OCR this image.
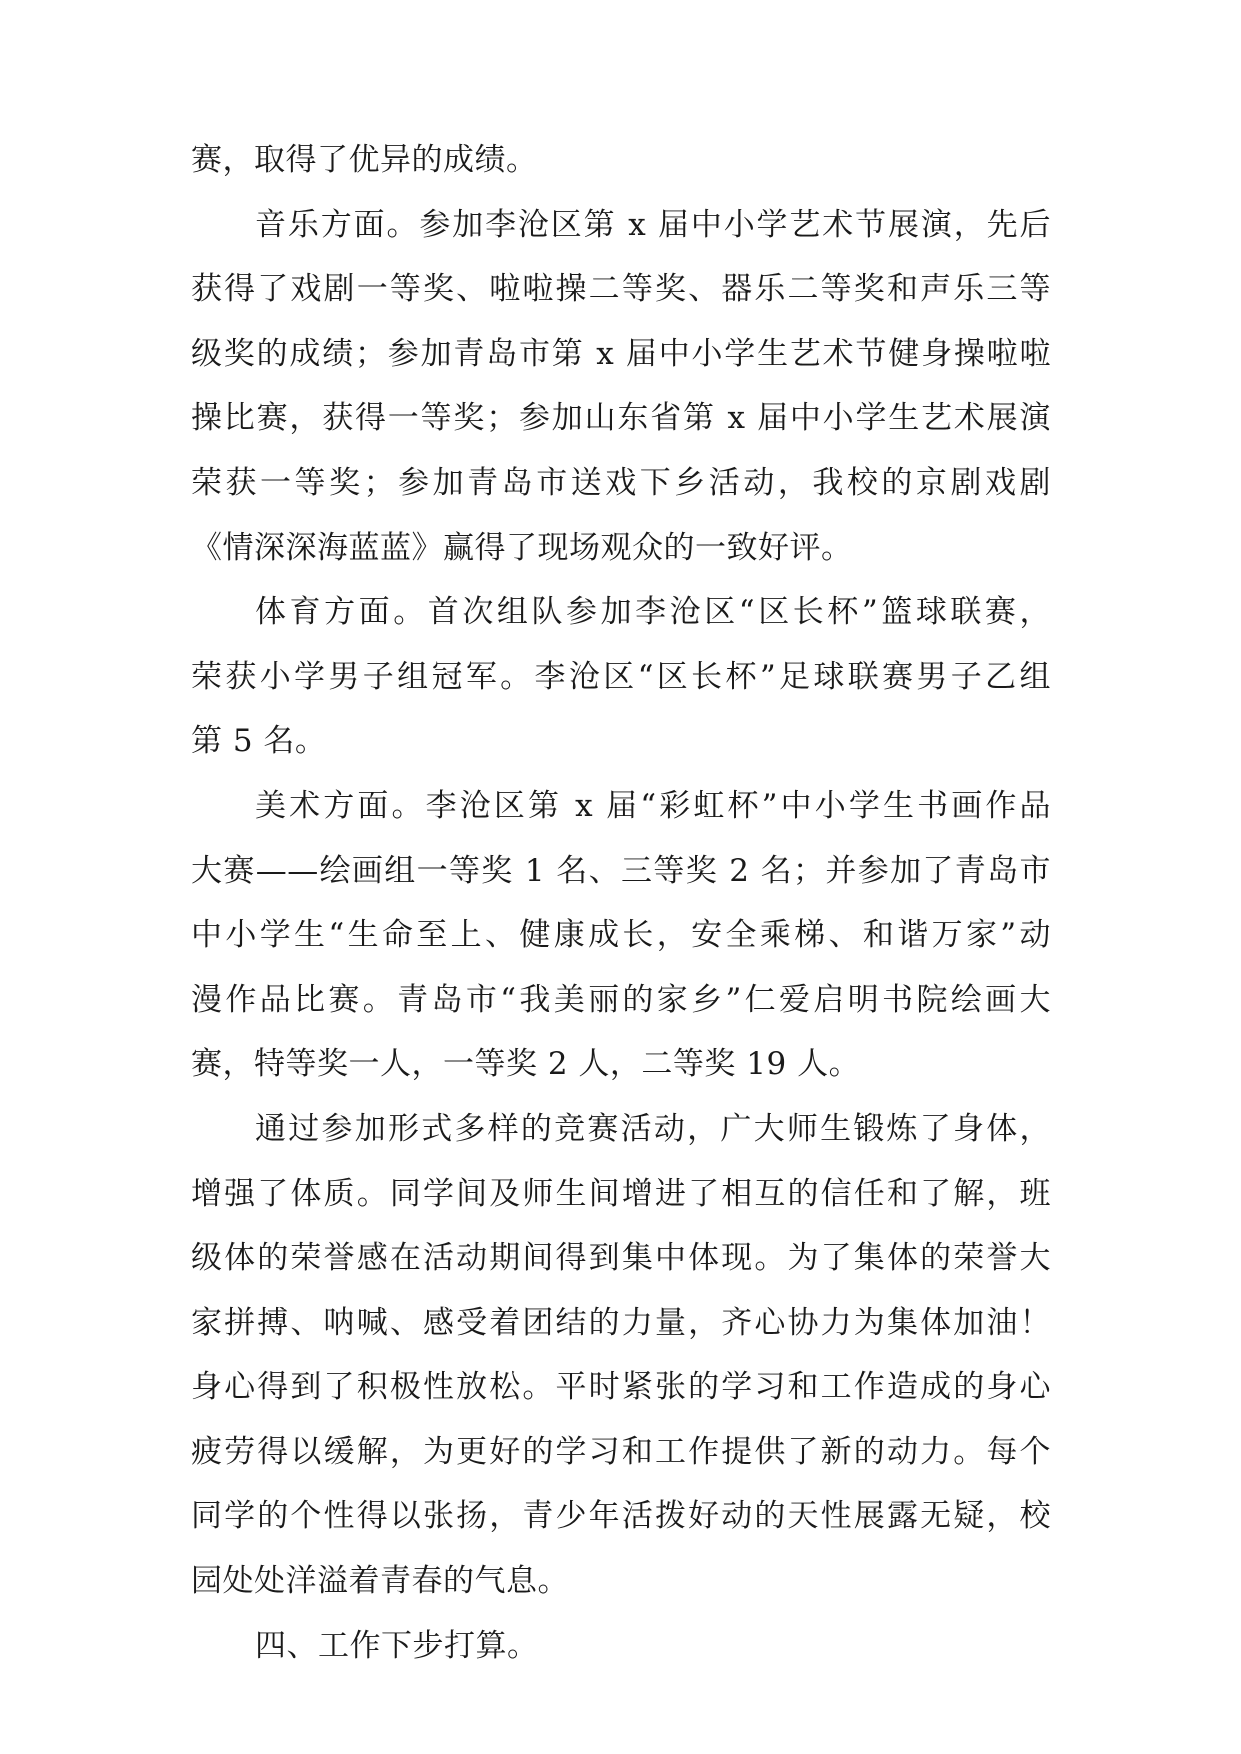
赛，取得了优异的成绩。
音乐方面。参加李沧区第 x 届中小学艺术节展演，先后
获得了戏剧一等奖、啦啦操二等奖、器乐二等奖和声乐三等
级奖的成绩；参加青岛市第 x 届中小学生艺术节健身操啦啦
操比赛，获得一等奖；参加山东省第 x 届中小学生艺术展演
荣获一等奖；参加青岛市送戏下乡活动，我校的京剧戏剧
《情深深海蓝蓝》赢得了现场观众的一致好评。
体育方面。首次组队参加李沧区“区长杯”篮球联赛，
荣获小学男子组冠军。李沧区“区长杯”足球联赛男子乙组
第 5 名。
美术方面。李沧区第 x 届“彩虹杯”中小学生书画作品
大赛——绘画组一等奖 1 名、三等奖 2 名；并参加了青岛市
中小学生“生命至上、健康成长，安全乘梯、和谐万家”动
漫作品比赛。青岛市“我美丽的家乡”仁爱启明书院绘画大
赛，特等奖一人，一等奖 2 人，二等奖 19 人。
通过参加形式多样的竞赛活动，广大师生锻炼了身体，
增强了体质。同学间及师生间增进了相互的信任和了解，班
级体的荣誉感在活动期间得到集中体现。为了集体的荣誉大
家拼搏、呐喊、感受着团结的力量，齐心协力为集体加油！
身心得到了积极性放松。平时紧张的学习和工作造成的身心
疲劳得以缓解，为更好的学习和工作提供了新的动力。每个
同学的个性得以张扬，青少年活拨好动的天性展露无疑，校
园处处洋溢着青春的气息。
四、工作下步打算。
